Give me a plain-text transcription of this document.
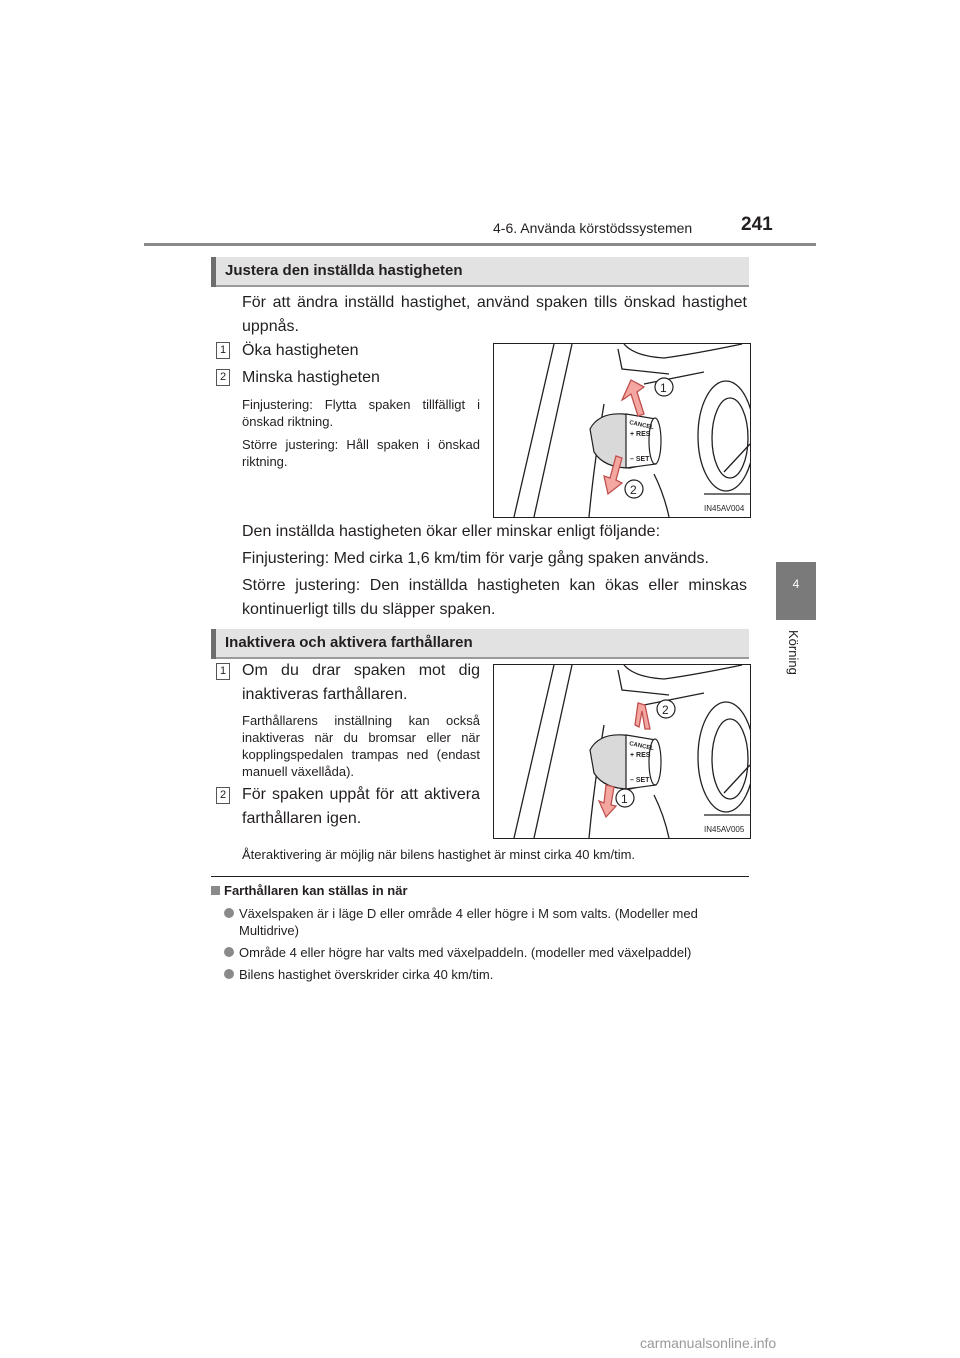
4-6. Använda körstödssystemen	241
4
Körning
Justera den inställda hastigheten
För att ändra inställd hastighet, använd spaken tills önskad hastighet uppnås.
1 Öka hastigheten
2 Minska hastigheten
Finjustering: Flytta spaken tillfälligt i önskad riktning.
Större justering: Håll spaken i önskad riktning.
CANCEL
+ RES
– SET
1
2
IN45AV004
Den inställda hastigheten ökar eller minskar enligt följande:
Finjustering: Med cirka 1,6 km/tim för varje gång spaken används.
Större justering: Den inställda hastigheten kan ökas eller minskas kontinuerligt tills du släpper spaken.
Inaktivera och aktivera farthållaren
1 Om du drar spaken mot dig inaktiveras farthållaren.
Farthållarens inställning kan också inaktiveras när du bromsar eller när kopplingspedalen trampas ned (endast manuell växellåda).
2 För spaken uppåt för att aktivera farthållaren igen.
CANCEL
+ RES
– SET
2
1
IN45AV005
Återaktivering är möjlig när bilens hastighet är minst cirka 40 km/tim.
Farthållaren kan ställas in när
Växelspaken är i läge D eller område 4 eller högre i M som valts. (Modeller med Multidrive)
Område 4 eller högre har valts med växelpaddeln. (modeller med växelpaddel)
Bilens hastighet överskrider cirka 40 km/tim.
carmanualsonline.info
